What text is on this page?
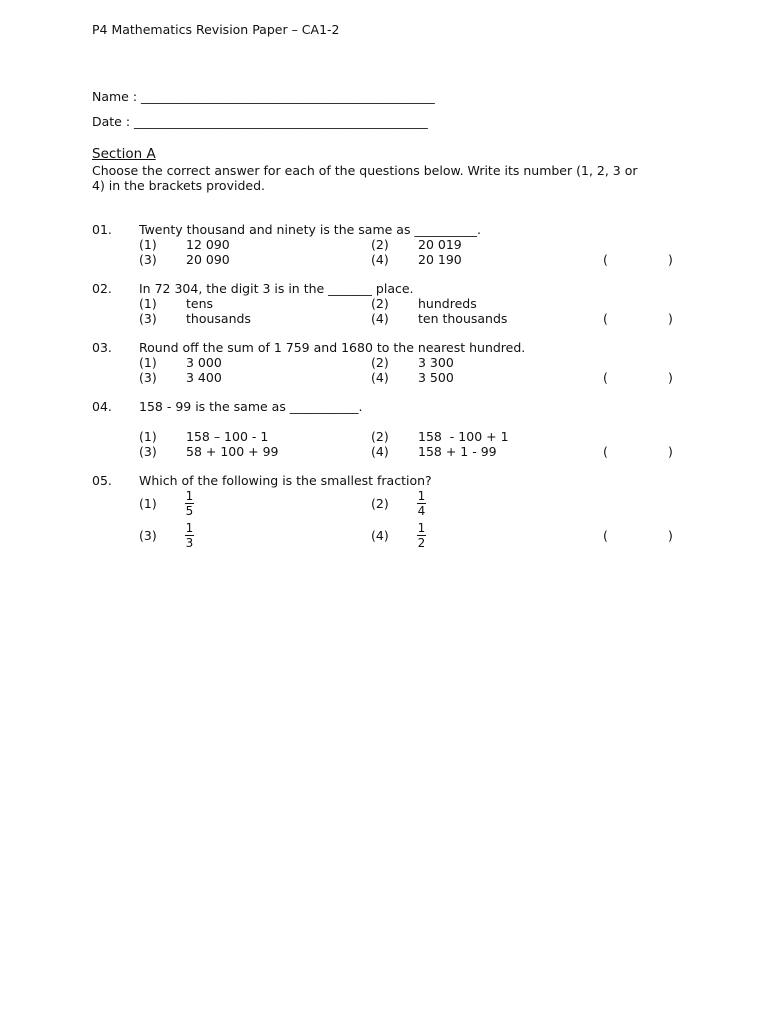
P4 Mathematics Revision Paper – CA1-2
Name : _______________________________________________
Date : _______________________________________________
Section A
Choose the correct answer for each of the questions below. Write its number (1, 2, 3 or
4) in the brackets provided.
01. Twenty thousand and ninety is the same as __________.
(1) 12 090	(2) 20 019
(3) 20 090	(4) 20 190	(	)
02. In 72 304, the digit 3 is in the _______ place.
(1) tens	(2) hundreds
(3) thousands	(4) ten thousands	(	)
03. Round off the sum of 1 759 and 1680 to the nearest hundred.
(1) 3 000	(2) 3 300
(3) 3 400	(4) 3 500	(	)
04. 158 - 99 is the same as ___________.
(1) 158 – 100 - 1	(2) 158  - 100 + 1
(3) 58 + 100 + 99	(4) 158 + 1 - 99	(	)
05. Which of the following is the smallest fraction?
(1) 1
5	(2) 1
4
(3) 1
3	(4) 1
2	(	)
